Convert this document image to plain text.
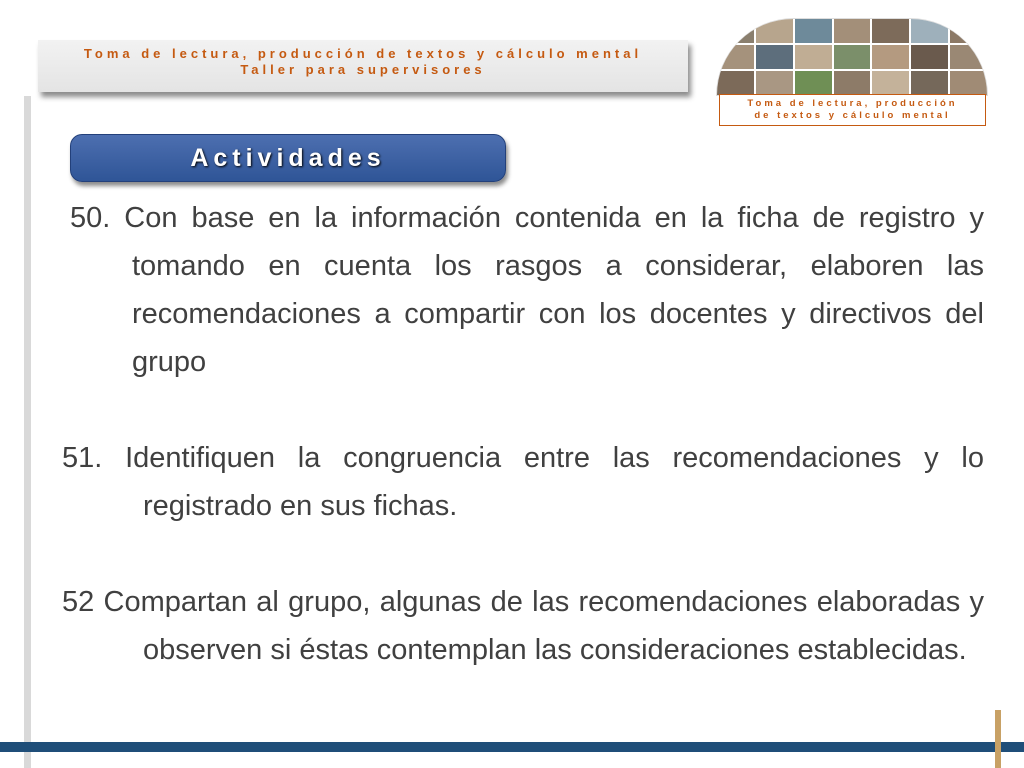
Toma de lectura, producción de textos y cálculo mental
Taller para supervisores
Toma de lectura, producción
de textos y cálculo mental
Actividades

50. Con base en la información contenida en la ficha de registro y tomando en cuenta los rasgos a considerar, elaboren las recomendaciones a compartir con los docentes y directivos del grupo

51. Identifiquen la congruencia entre las recomendaciones y lo registrado en sus fichas.

52 Compartan al grupo, algunas de las recomendaciones elaboradas y observen si éstas contemplan las consideraciones establecidas.
